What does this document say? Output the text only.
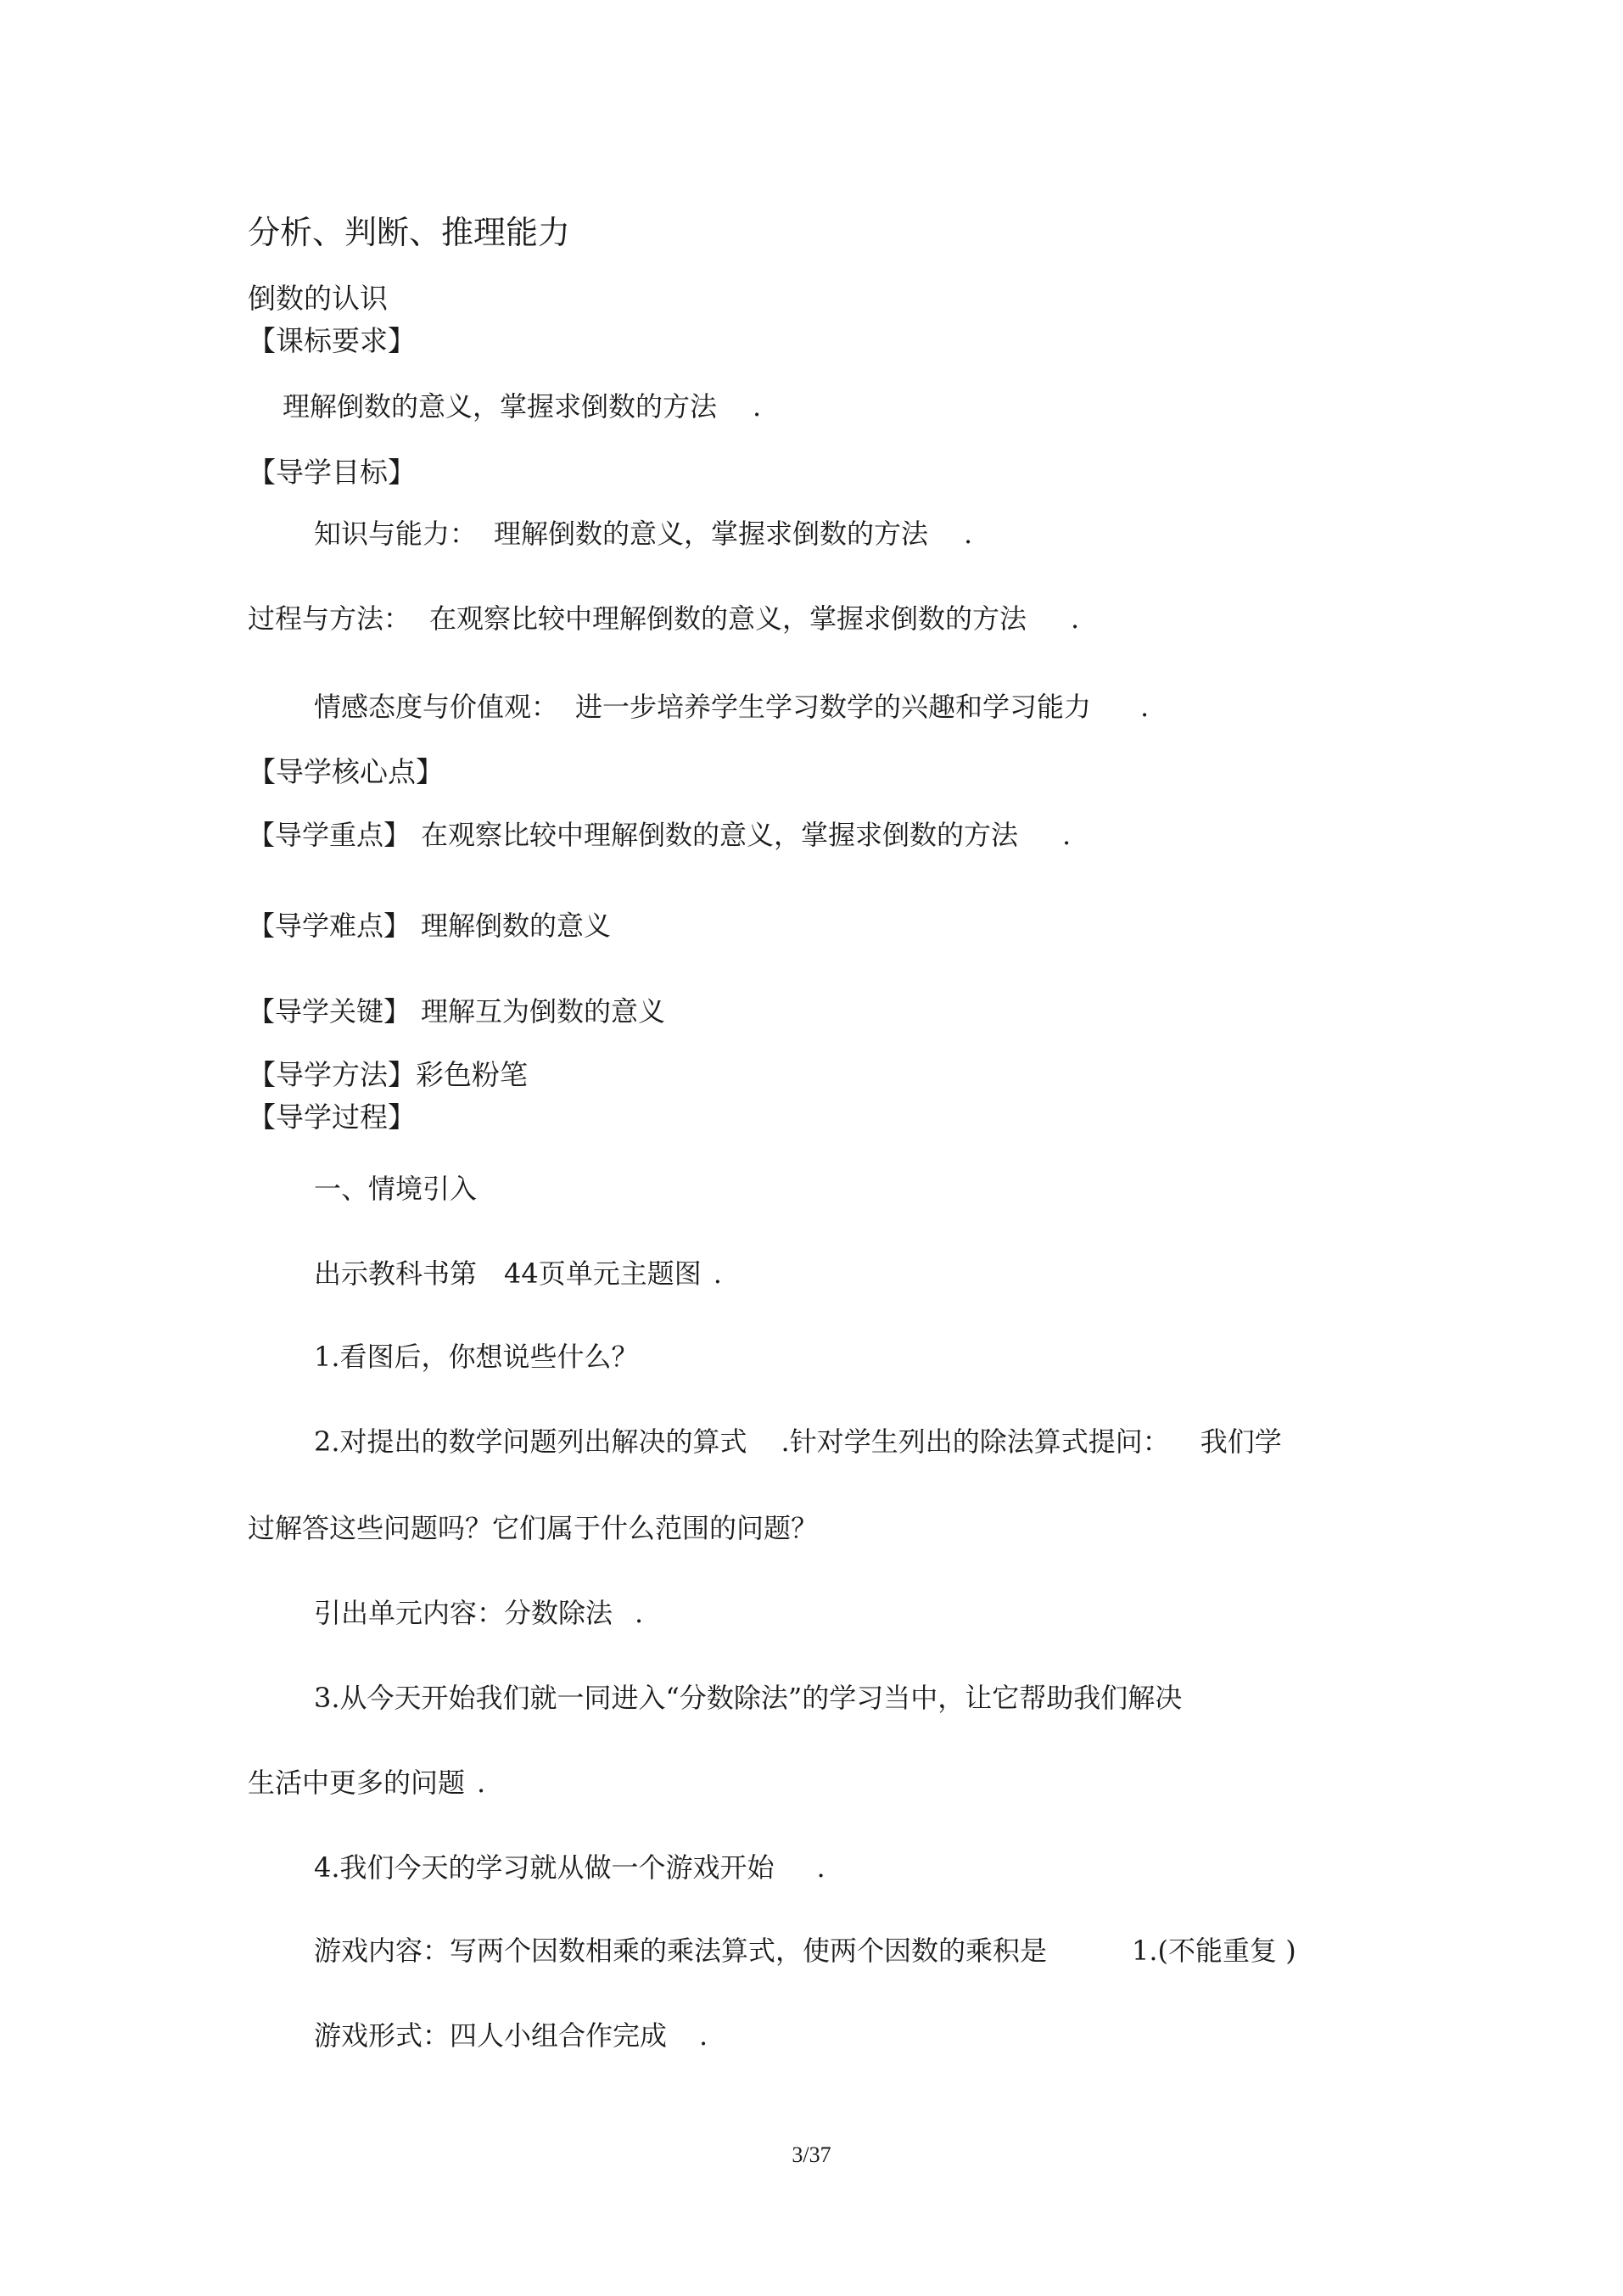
分析、判断、推理能力
倒数的认识
【课标要求】
理解倒数的意义，掌握求倒数的方法 .
【导学目标】
知识与能力： 理解倒数的意义，掌握求倒数的方法 .
过程与方法： 在观察比较中理解倒数的意义，掌握求倒数的方法 .
情感态度与价值观： 进一步培养学生学习数学的兴趣和学习能力 .
【导学核心点】
【导学重点】 在观察比较中理解倒数的意义，掌握求倒数的方法 .
【导学难点】 理解倒数的意义
【导学关键】 理解互为倒数的意义
【导学方法】彩色粉笔
【导学过程】
一、情境引入
出示教科书第 44页单元主题图 .
1.看图后，你想说些什么？
2.对提出的数学问题列出解决的算式 .针对学生列出的除法算式提问： 我们学
过解答这些问题吗？它们属于什么范围的问题？
引出单元内容：分数除法 .
3.从今天开始我们就一同进入“分数除法”的学习当中，让它帮助我们解决
生活中更多的问题 .
4.我们今天的学习就从做一个游戏开始 .
游戏内容：写两个因数相乘的乘法算式，使两个因数的乘积是	1.(不能重复 )
游戏形式：四人小组合作完成 .
3/37
